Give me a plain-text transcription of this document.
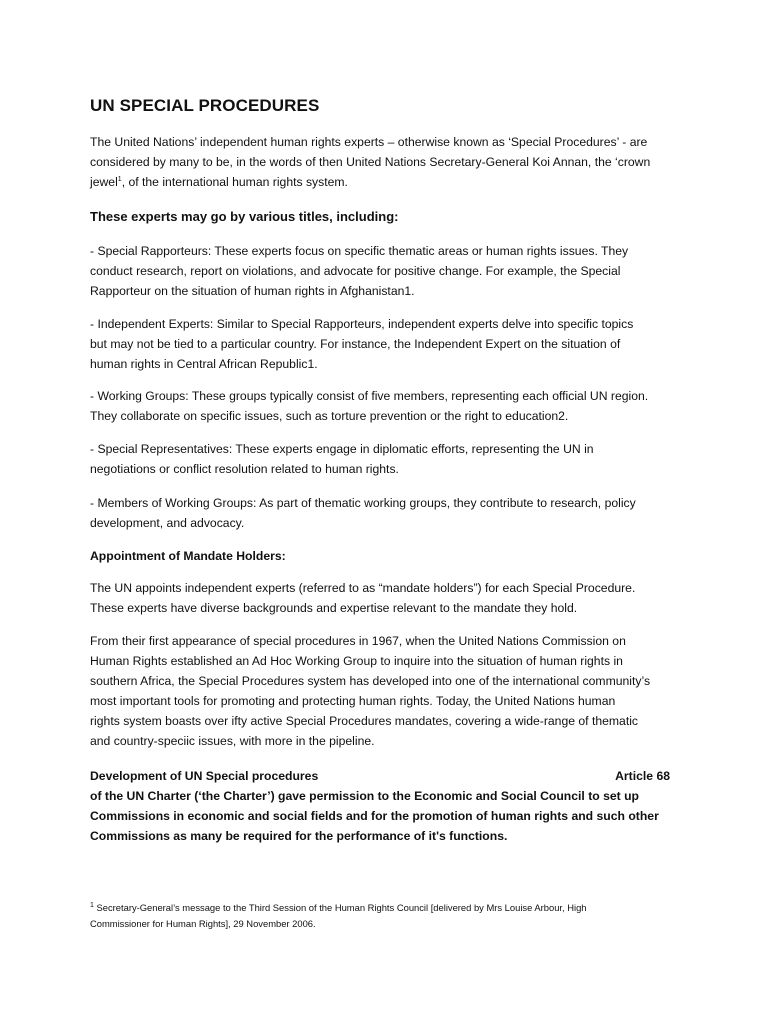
UN SPECIAL PROCEDURES

The United Nations’ independent human rights experts – otherwise known as ‘Special Procedures’ - are
considered by many to be, in the words of then United Nations Secretary-General Koi Annan, the ‘crown
jewel$^1$, of the international human rights system.

These experts may go by various titles, including:

- Special Rapporteurs: These experts focus on specific thematic areas or human rights issues. They
conduct research, report on violations, and advocate for positive change. For example, the Special
Rapporteur on the situation of human rights in Afghanistan1.

- Independent Experts: Similar to Special Rapporteurs, independent experts delve into specific topics
but may not be tied to a particular country. For instance, the Independent Expert on the situation of
human rights in Central African Republic1.

- Working Groups: These groups typically consist of five members, representing each official UN region.
They collaborate on specific issues, such as torture prevention or the right to education2.

- Special Representatives: These experts engage in diplomatic efforts, representing the UN in
negotiations or conflict resolution related to human rights.

- Members of Working Groups: As part of thematic working groups, they contribute to research, policy
development, and advocacy.

Appointment of Mandate Holders:

The UN appoints independent experts (referred to as “mandate holders”) for each Special Procedure.
These experts have diverse backgrounds and expertise relevant to the mandate they hold.

From their first appearance of special procedures in 1967, when the United Nations Commission on
Human Rights established an Ad Hoc Working Group to inquire into the situation of human rights in
southern Africa, the Special Procedures system has developed into one of the international community’s
most important tools for promoting and protecting human rights. Today, the United Nations human
rights system boasts over ifty active Special Procedures mandates, covering a wide-range of thematic
and country-speciic issues, with more in the pipeline.

Development of UN Special procedures	Article 68

of the UN Charter (‘the Charter’) gave permission to the Economic and Social Council to set up
Commissions in economic and social fields and for the promotion of human rights and such other
Commissions as many be required for the performance of it's functions.

$^1$ Secretary-General’s message to the Third Session of the Human Rights Council [delivered by Mrs Louise Arbour, High
Commissioner for Human Rights], 29 November 2006.
